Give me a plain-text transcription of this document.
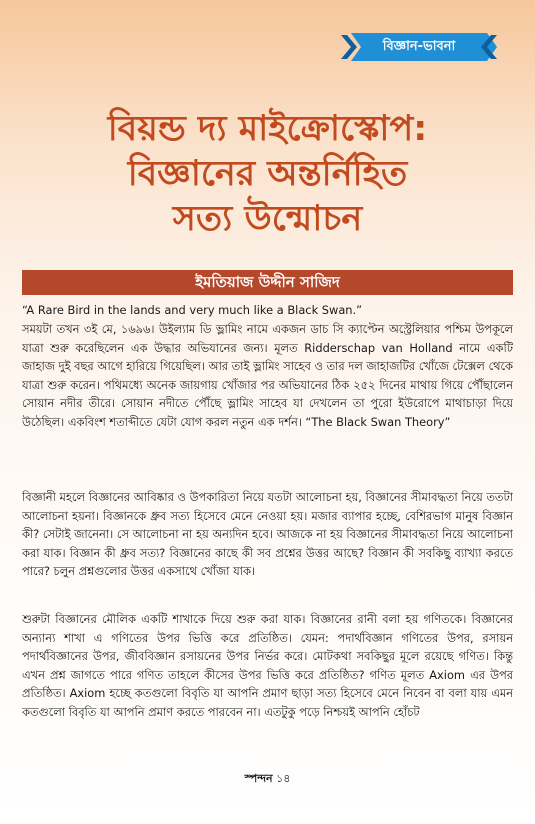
বিজ্ঞান-ভাবনা
বিয়ন্ড দ্য মাইক্রোস্কোপ:
বিজ্ঞানের অন্তর্নিহিত
সত্য উন্মোচন
ইমতিয়াজ উদ্দীন সাজিদ
“A Rare Bird in the lands and very much like a Black Swan.”
সময়টা তখন ৩ই মে, ১৬৯৬। উইল্যাম ডি ভ্লামিং নামে একজন ডাচ সি ক্যাপ্টেন অস্ট্রেলিয়ার পশ্চিম উপকূলে যাত্রা শুরু করেছিলেন এক উদ্ধার অভিযানের জন্য। মূলত Ridderschap van Holland নামে একটি জাহাজ দুই বছর আগে হারিয়ে গিয়েছিল। আর তাই ভ্লামিং সাহেব ও তার দল জাহাজটির খোঁজে টেক্সেল থেকে যাত্রা শুরু করেন। পথিমধ্যে অনেক জায়গায় খোঁজার পর অভিযানের ঠিক ২৫২ দিনের মাথায় গিয়ে পৌঁছালেন সোয়ান নদীর তীরে। সোয়ান নদীতে পৌঁছে ভ্লামিং সাহেব যা দেখলেন তা পুরো ইউরোপে মাথাচাড়া দিয়ে উঠেছিল। একবিংশ শতাব্দীতে যেটা যোগ করল নতুন এক দর্শন। “The Black Swan Theory”
বিজ্ঞানী মহলে বিজ্ঞানের আবিষ্কার ও উপকারিতা নিয়ে যতটা আলোচনা হয়, বিজ্ঞানের সীমাবদ্ধতা নিয়ে ততটা আলোচনা হয়না। বিজ্ঞানকে ধ্রুব সত্য হিসেবে মেনে নেওয়া হয়। মজার ব্যাপার হচ্ছে, বেশিরভাগ মানুষ বিজ্ঞান কী? সেটাই জানেনা। সে আলোচনা না হয় অন্যদিন হবে। আজকে না হয় বিজ্ঞানের সীমাবদ্ধতা নিয়ে আলোচনা করা যাক। বিজ্ঞান কী ধ্রুব সত্য? বিজ্ঞানের কাছে কী সব প্রশ্নের উত্তর আছে? বিজ্ঞান কী সবকিছু ব্যাখ্যা করতে পারে? চলুন প্রশ্নগুলোর উত্তর একসাথে খোঁজা যাক।
শুরুটা বিজ্ঞানের মৌলিক একটি শাখাকে দিয়ে শুরু করা যাক। বিজ্ঞানের রানী বলা হয় গণিতকে। বিজ্ঞানের অন্যান্য শাখা এ গণিতের উপর ভিত্তি করে প্রতিষ্ঠিত। যেমন: পদার্থবিজ্ঞান গণিতের উপর, রসায়ন পদার্থবিজ্ঞানের উপর, জীববিজ্ঞান রসায়নের উপর নির্ভর করে। মোটকথা সবকিছুর মূলে রয়েছে গণিত। কিন্তু এখন প্রশ্ন জাগতে পারে গণিত তাহলে কীসের উপর ভিত্তি করে প্রতিষ্ঠিত? গণিত মূলত Axiom এর উপর প্রতিষ্ঠিত। Axiom হচ্ছে কতগুলো বিবৃতি যা আপনি প্রমাণ ছাড়া সত্য হিসেবে মেনে নিবেন বা বলা যায় এমন কতগুলো বিবৃতি যা আপনি প্রমাণ করতে পারবেন না। এতটুকু পড়ে নিশ্চয়ই আপনি হোঁচট
স্পন্দন ১৪
